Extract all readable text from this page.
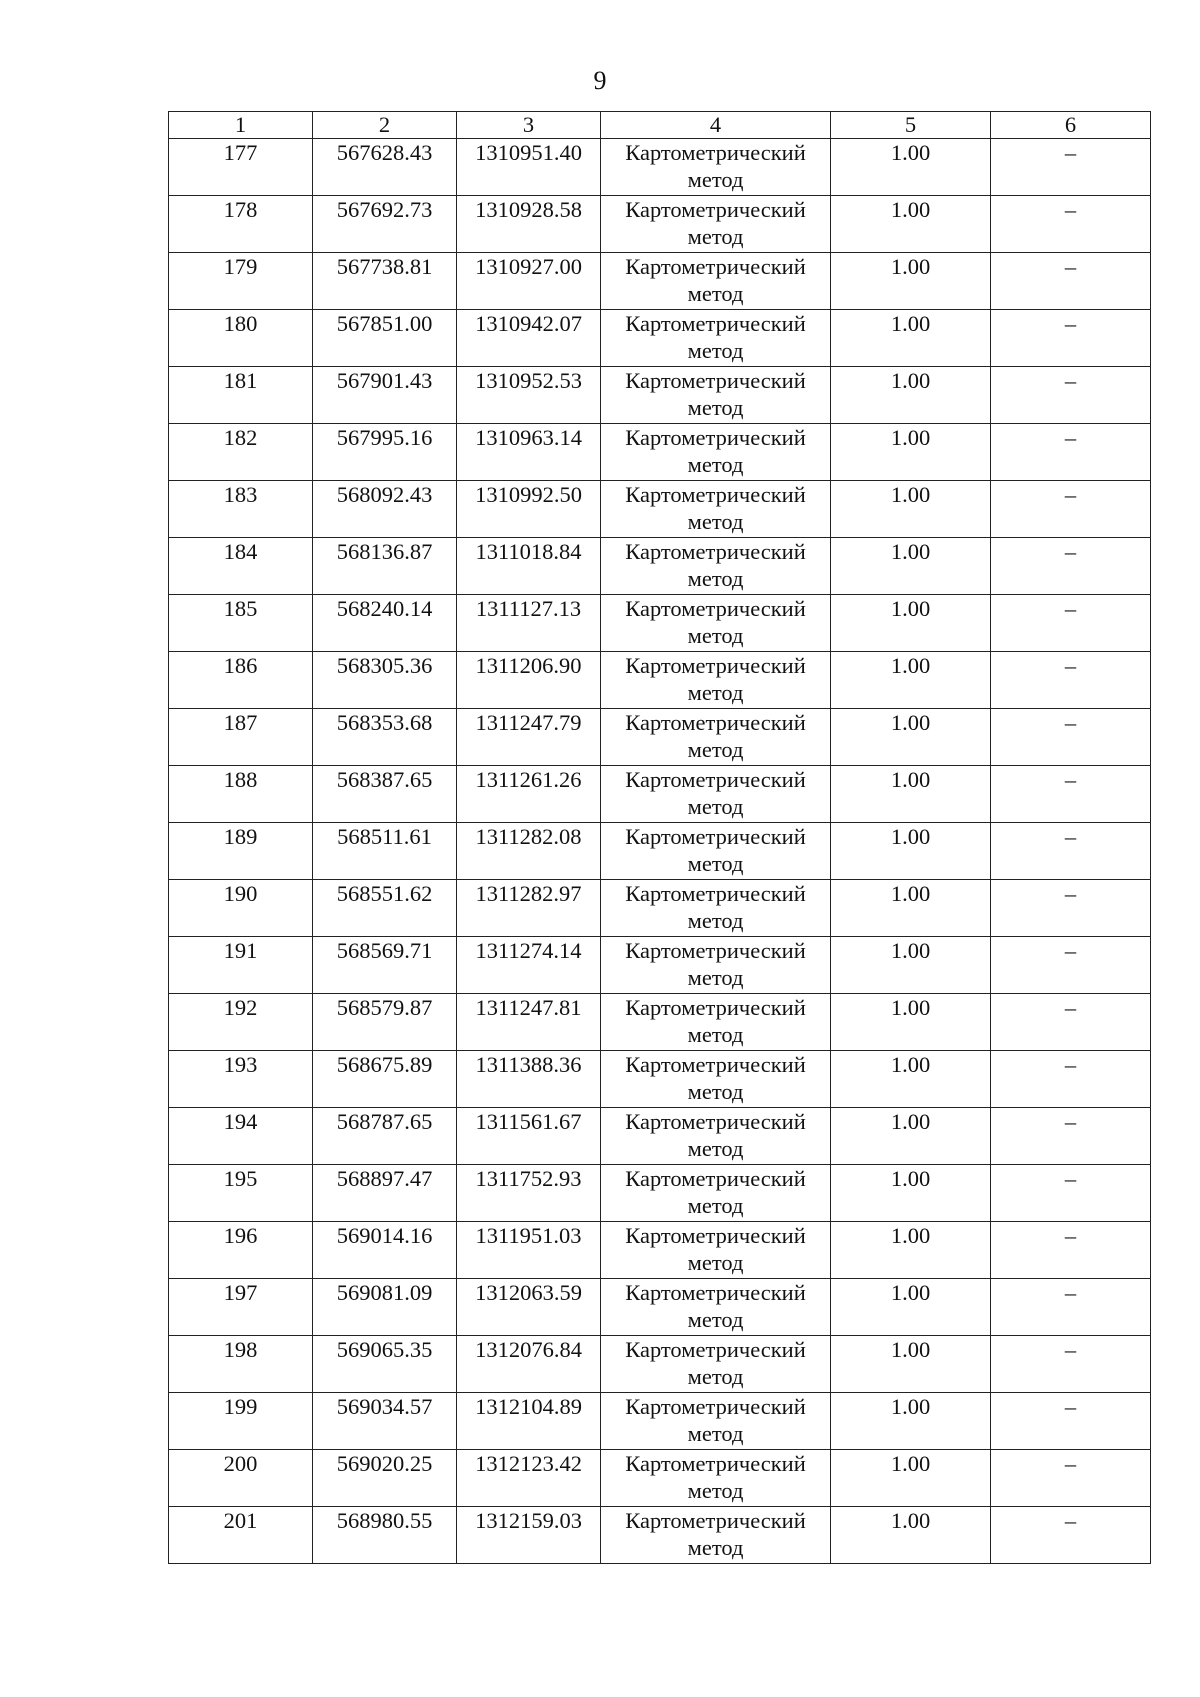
9
1	2	3	4	5	6
177	567628.43	1310951.40	Картометрический метод	1.00	–
178	567692.73	1310928.58	Картометрический метод	1.00	–
179	567738.81	1310927.00	Картометрический метод	1.00	–
180	567851.00	1310942.07	Картометрический метод	1.00	–
181	567901.43	1310952.53	Картометрический метод	1.00	–
182	567995.16	1310963.14	Картометрический метод	1.00	–
183	568092.43	1310992.50	Картометрический метод	1.00	–
184	568136.87	1311018.84	Картометрический метод	1.00	–
185	568240.14	1311127.13	Картометрический метод	1.00	–
186	568305.36	1311206.90	Картометрический метод	1.00	–
187	568353.68	1311247.79	Картометрический метод	1.00	–
188	568387.65	1311261.26	Картометрический метод	1.00	–
189	568511.61	1311282.08	Картометрический метод	1.00	–
190	568551.62	1311282.97	Картометрический метод	1.00	–
191	568569.71	1311274.14	Картометрический метод	1.00	–
192	568579.87	1311247.81	Картометрический метод	1.00	–
193	568675.89	1311388.36	Картометрический метод	1.00	–
194	568787.65	1311561.67	Картометрический метод	1.00	–
195	568897.47	1311752.93	Картометрический метод	1.00	–
196	569014.16	1311951.03	Картометрический метод	1.00	–
197	569081.09	1312063.59	Картометрический метод	1.00	–
198	569065.35	1312076.84	Картометрический метод	1.00	–
199	569034.57	1312104.89	Картометрический метод	1.00	–
200	569020.25	1312123.42	Картометрический метод	1.00	–
201	568980.55	1312159.03	Картометрический метод	1.00	–
